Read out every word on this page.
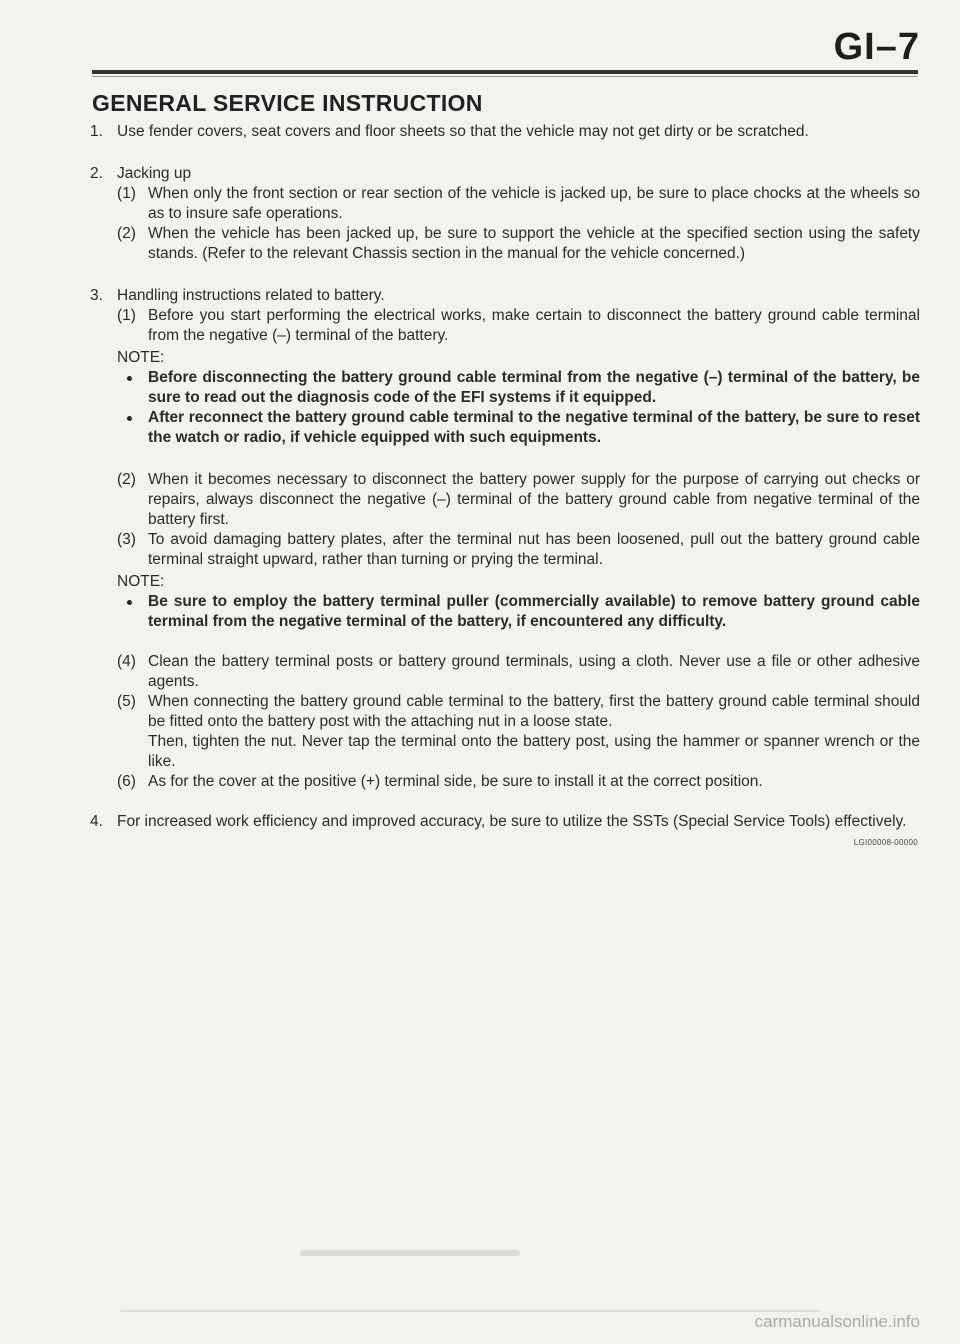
GI–7
GENERAL SERVICE INSTRUCTION
1. Use fender covers, seat covers and floor sheets so that the vehicle may not get dirty or be scratched.
2. Jacking up
(1) When only the front section or rear section of the vehicle is jacked up, be sure to place chocks at the wheels so as to insure safe operations.
(2) When the vehicle has been jacked up, be sure to support the vehicle at the specified section using the safety stands. (Refer to the relevant Chassis section in the manual for the vehicle concerned.)
3. Handling instructions related to battery.
(1) Before you start performing the electrical works, make certain to disconnect the battery ground cable terminal from the negative (–) terminal of the battery.
NOTE:
Before disconnecting the battery ground cable terminal from the negative (–) terminal of the battery, be sure to read out the diagnosis code of the EFI systems if it equipped.
After reconnect the battery ground cable terminal to the negative terminal of the battery, be sure to reset the watch or radio, if vehicle equipped with such equipments.
(2) When it becomes necessary to disconnect the battery power supply for the purpose of carrying out checks or repairs, always disconnect the negative (–) terminal of the battery ground cable from negative terminal of the battery first.
(3) To avoid damaging battery plates, after the terminal nut has been loosened, pull out the battery ground cable terminal straight upward, rather than turning or prying the terminal.
NOTE:
Be sure to employ the battery terminal puller (commercially available) to remove battery ground cable terminal from the negative terminal of the battery, if encountered any difficulty.
(4) Clean the battery terminal posts or battery ground terminals, using a cloth. Never use a file or other adhesive agents.
(5) When connecting the battery ground cable terminal to the battery, first the battery ground cable terminal should be fitted onto the battery post with the attaching nut in a loose state.
Then, tighten the nut. Never tap the terminal onto the battery post, using the hammer or spanner wrench or the like.
(6) As for the cover at the positive (+) terminal side, be sure to install it at the correct position.
4. For increased work efficiency and improved accuracy, be sure to utilize the SSTs (Special Service Tools) effectively.
LGI00008-00000
carmanualsonline.info
